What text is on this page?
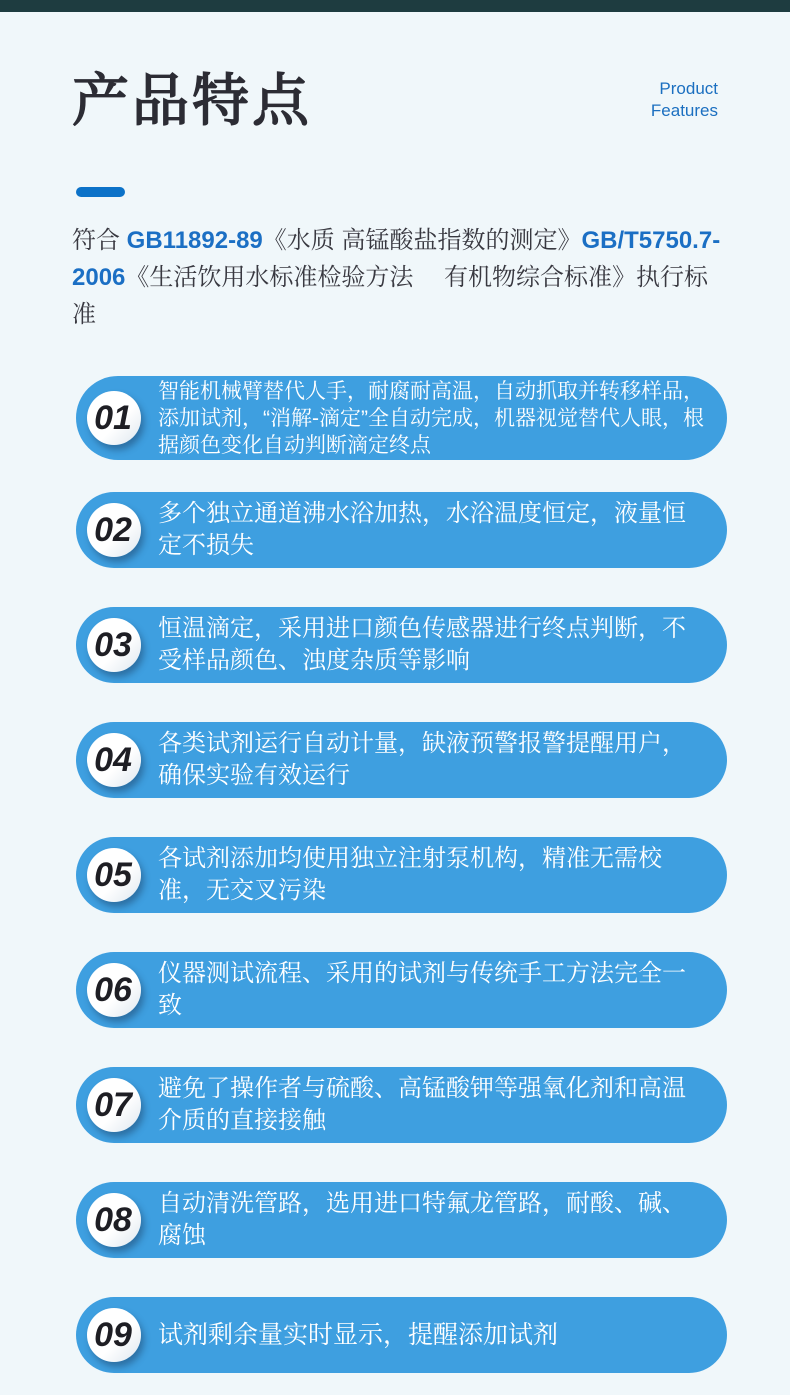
产品特点	Product
Features

符合 GB11892-89《水质 高锰酸盐指数的测定》GB/T5750.7-2006《生活饮用水标准检验方法　 有机物综合标准》执行标准

01
智能机械臂替代人手，耐腐耐高温，自动抓取并转移样品，添加试剂，“消解-滴定”全自动完成，机器视觉替代人眼，根据颜色变化自动判断滴定终点
02	多个独立通道沸水浴加热，水浴温度恒定，液量恒定不损失
03	恒温滴定，采用进口颜色传感器进行终点判断，不受样品颜色、浊度杂质等影响
04	各类试剂运行自动计量，缺液预警报警提醒用户，确保实验有效运行
05	各试剂添加均使用独立注射泵机构，精准无需校准，无交叉污染
06	仪器测试流程、采用的试剂与传统手工方法完全一致
07	避免了操作者与硫酸、高锰酸钾等强氧化剂和高温介质的直接接触
08	自动清洗管路，选用进口特氟龙管路，耐酸、碱、腐蚀
09	试剂剩余量实时显示，提醒添加试剂
